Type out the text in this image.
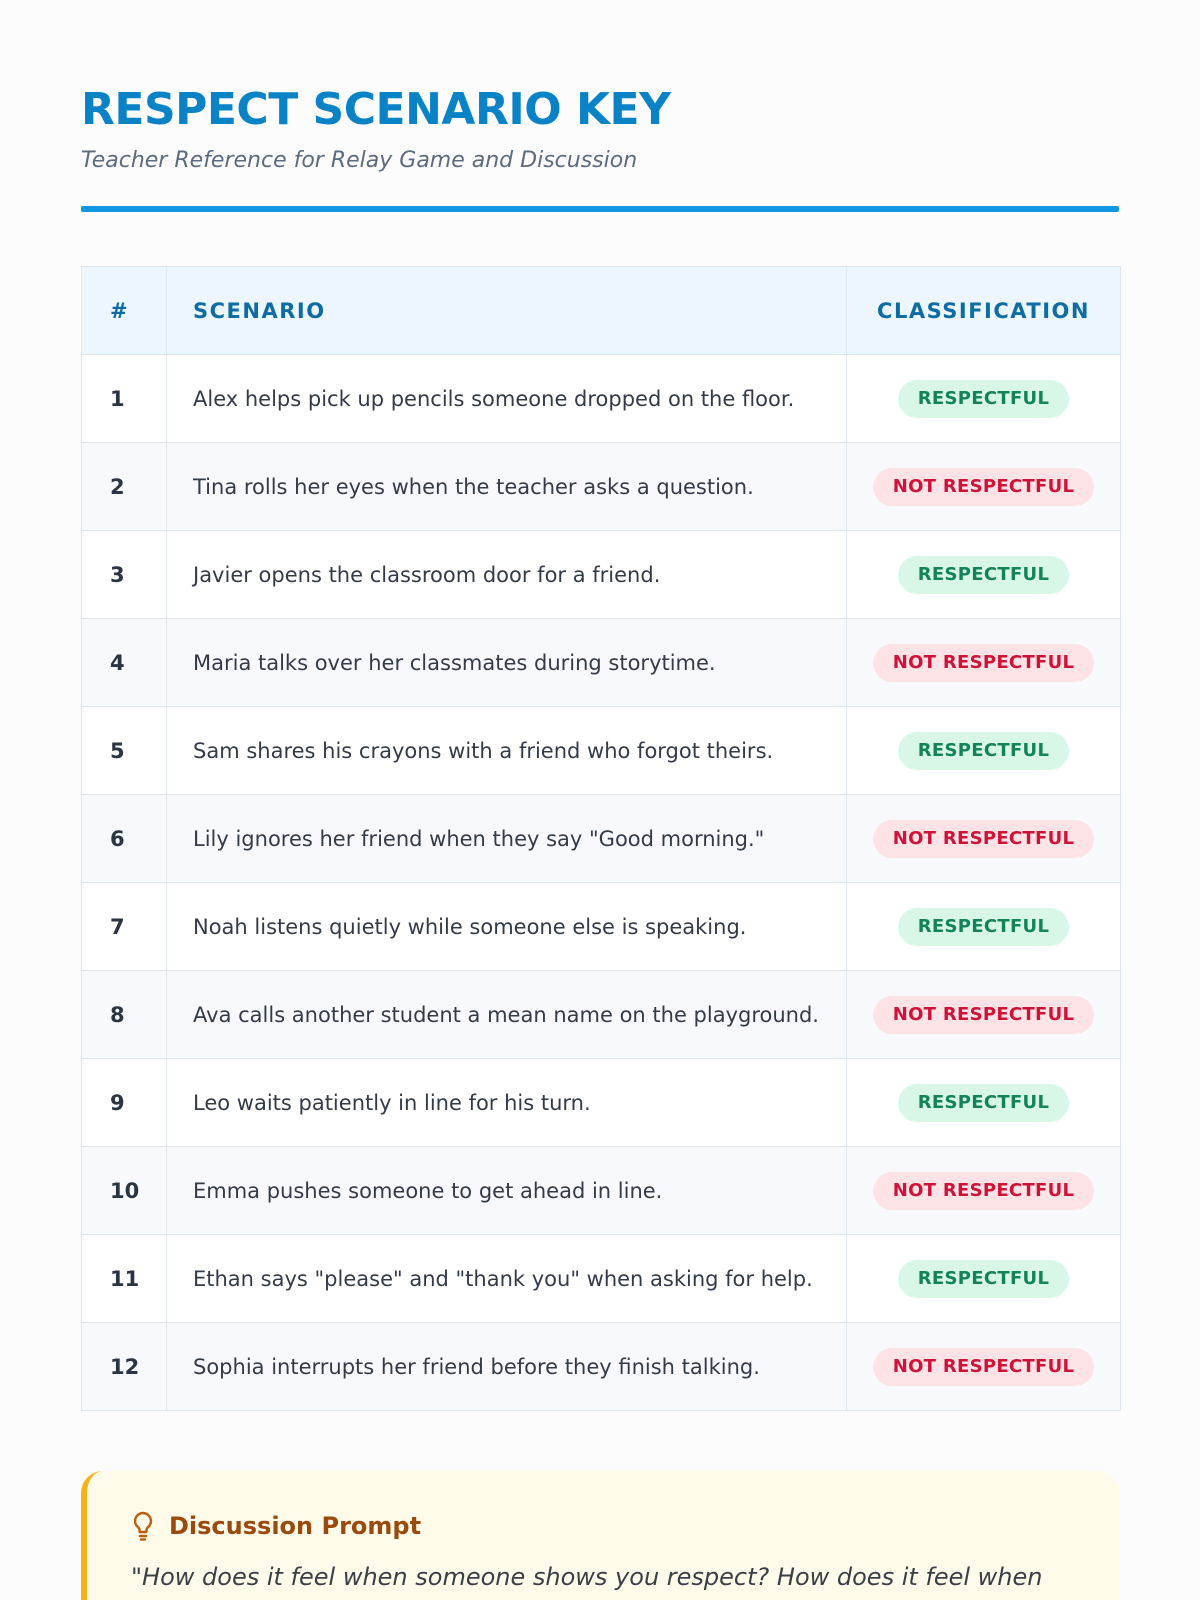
RESPECT SCENARIO KEY

Teacher Reference for Relay Game and Discussion

#	SCENARIO	CLASSIFICATION
1	Alex helps pick up pencils someone dropped on the floor.	RESPECTFUL
2	Tina rolls her eyes when the teacher asks a question.	NOT RESPECTFUL
3	Javier opens the classroom door for a friend.	RESPECTFUL
4	Maria talks over her classmates during storytime.	NOT RESPECTFUL
5	Sam shares his crayons with a friend who forgot theirs.	RESPECTFUL
6	Lily ignores her friend when they say "Good morning."	NOT RESPECTFUL
7	Noah listens quietly while someone else is speaking.	RESPECTFUL
8	Ava calls another student a mean name on the playground.	NOT RESPECTFUL
9	Leo waits patiently in line for his turn.	RESPECTFUL
10	Emma pushes someone to get ahead in line.	NOT RESPECTFUL
11	Ethan says "please" and "thank you" when asking for help.	RESPECTFUL
12	Sophia interrupts her friend before they finish talking.	NOT RESPECTFUL
Discussion Prompt

"How does it feel when someone shows you respect? How does it feel when
